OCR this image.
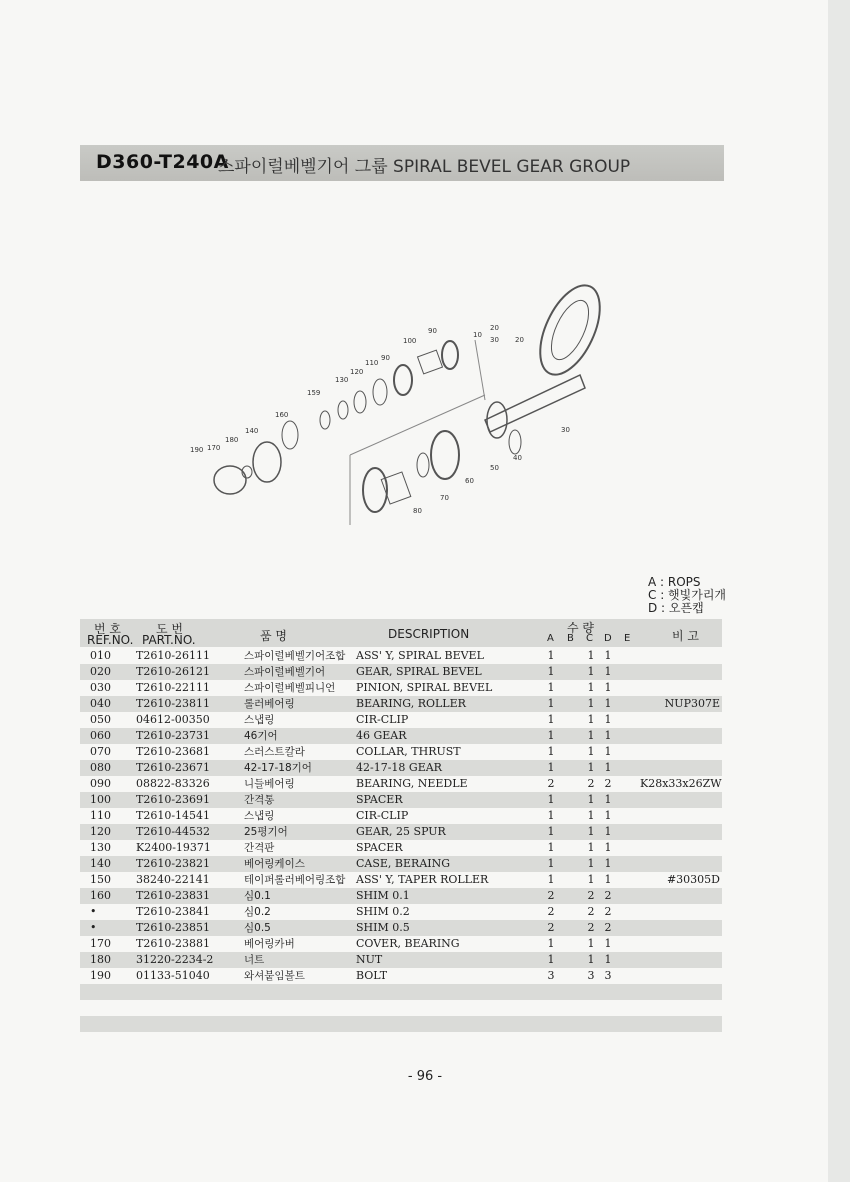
D360-T240A
스파이럴베벨기어 그룹 SPIRAL BEVEL GEAR GROUP
190 170
180
140
160
159
130
120
110
100
90
90
10
20
30 20
30
40
50
60
70
80
A : ROPS
C : 햇빛가리개
D : 오픈캡
번 호
REF.NO.
도 번
PART.NO.	품 명	DESCRIPTION	수 량
A B C D E	비 고
010	T2610-26111	스파이럴베벨기어조합 ASS' Y, SPIRAL BEVEL	1	1 1
020	T2610-26121	스파이럴베벨기어	GEAR, SPIRAL BEVEL	1	1 1
030	T2610-22111	스파이럴베벨피니언 PINION, SPIRAL BEVEL	1	1 1
040	T2610-23811	롤러베어링	BEARING, ROLLER	1	1 1	NUP307E
050	04612-00350	스냅링	CIR-CLIP	1	1 1
060	T2610-23731	46기어	46 GEAR	1	1 1
070	T2610-23681	스러스트칼라	COLLAR, THRUST	1	1 1
080	T2610-23671	42-17-18기어	42-17-18 GEAR	1	1 1
090	08822-83326	니들베어링	BEARING, NEEDLE	2	2 2	K28x33x26ZW
100	T2610-23691	간격통	SPACER	1	1 1
110	T2610-14541	스냅링	CIR-CLIP	1	1 1
120	T2610-44532	25평기어	GEAR, 25 SPUR	1	1 1
130	K2400-19371	간격판	SPACER	1	1 1
140	T2610-23821	베어링케이스	CASE, BERAING	1	1 1
150	38240-22141	테이퍼롤러베어링조합 ASS' Y, TAPER ROLLER	1	1 1	#30305D
160	T2610-23831	심0.1	SHIM 0.1	2	2 2
•	T2610-23841	심0.2	SHIM 0.2	2	2 2
•	T2610-23851	심0.5	SHIM 0.5	2	2 2
170	T2610-23881	베어링카버	COVER, BEARING	1	1 1
180	31220-2234-2	너트	NUT	1	1 1
190	01133-51040	와셔붙임볼트	BOLT	3	3 3
- 96 -
